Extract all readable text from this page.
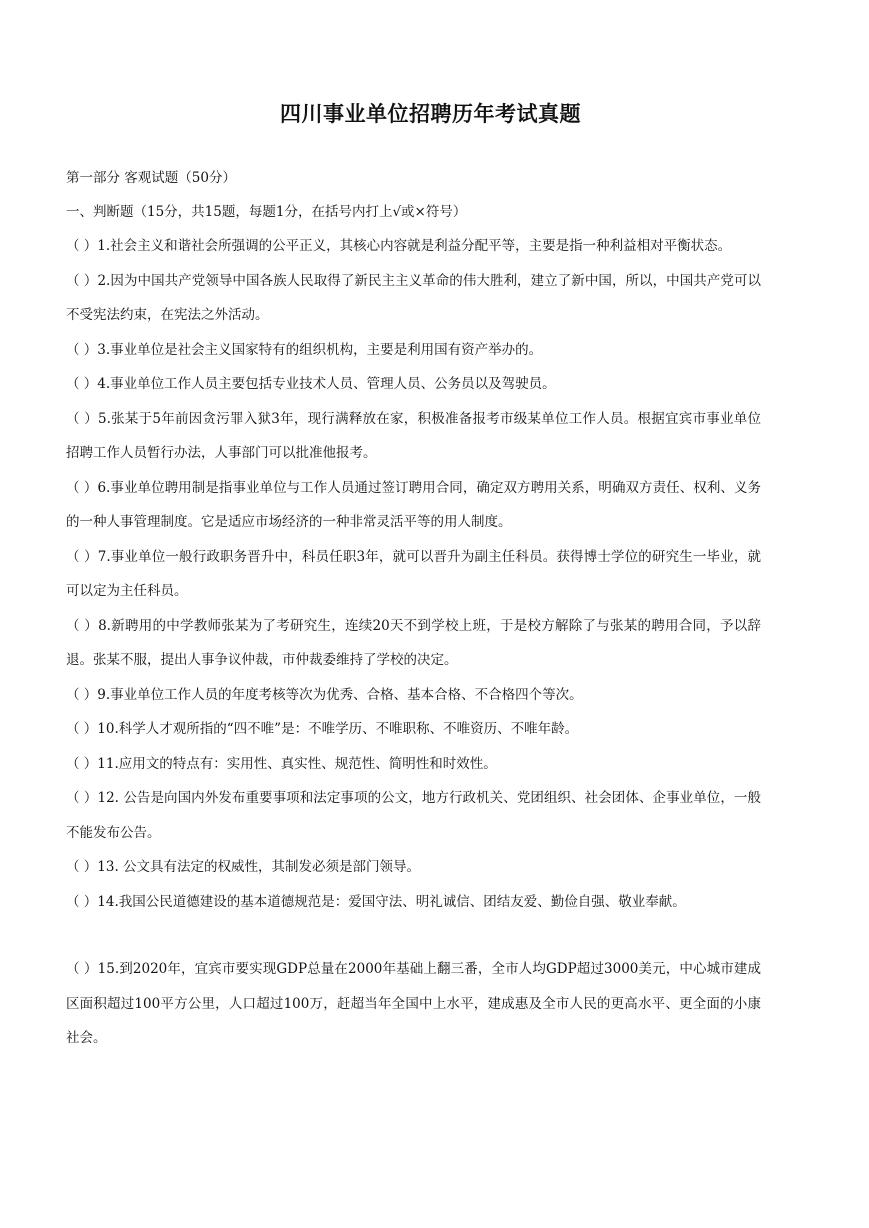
四川事业单位招聘历年考试真题

第一部分 客观试题（50分）

一、判断题（15分，共15题，每题1分，在括号内打上√或×符号）

（ ）1.社会主义和谐社会所强调的公平正义，其核心内容就是利益分配平等，主要是指一种利益相对平衡状态。
（ ）2.因为中国共产党领导中国各族人民取得了新民主主义革命的伟大胜利，建立了新中国，所以，中国共产党可以不受宪法约束，在宪法之外活动。
（ ）3.事业单位是社会主义国家特有的组织机构，主要是利用国有资产举办的。
（ ）4.事业单位工作人员主要包括专业技术人员、管理人员、公务员以及驾驶员。
（ ）5.张某于5年前因贪污罪入狱3年，现行满释放在家，积极准备报考市级某单位工作人员。根据宜宾市事业单位招聘工作人员暂行办法，人事部门可以批准他报考。
（ ）6.事业单位聘用制是指事业单位与工作人员通过签订聘用合同，确定双方聘用关系，明确双方责任、权利、义务的一种人事管理制度。它是适应市场经济的一种非常灵活平等的用人制度。
（ ）7.事业单位一般行政职务晋升中，科员任职3年，就可以晋升为副主任科员。获得博士学位的研究生一毕业，就可以定为主任科员。
（ ）8.新聘用的中学教师张某为了考研究生，连续20天不到学校上班，于是校方解除了与张某的聘用合同，予以辞退。张某不服，提出人事争议仲裁，市仲裁委维持了学校的决定。
（ ）9.事业单位工作人员的年度考核等次为优秀、合格、基本合格、不合格四个等次。
（ ）10.科学人才观所指的“四不唯”是：不唯学历、不唯职称、不唯资历、不唯年龄。
（ ）11.应用文的特点有：实用性、真实性、规范性、简明性和时效性。
（ ）12. 公告是向国内外发布重要事项和法定事项的公文，地方行政机关、党团组织、社会团体、企事业单位，一般不能发布公告。
（ ）13. 公文具有法定的权威性，其制发必须是部门领导。
（ ）14.我国公民道德建设的基本道德规范是：爱国守法、明礼诚信、团结友爱、勤俭自强、敬业奉献。
（ ）15.到2020年，宜宾市要实现GDP总量在2000年基础上翻三番，全市人均GDP超过3000美元，中心城市建成区面积超过100平方公里，人口超过100万，赶超当年全国中上水平，建成惠及全市人民的更高水平、更全面的小康社会。
